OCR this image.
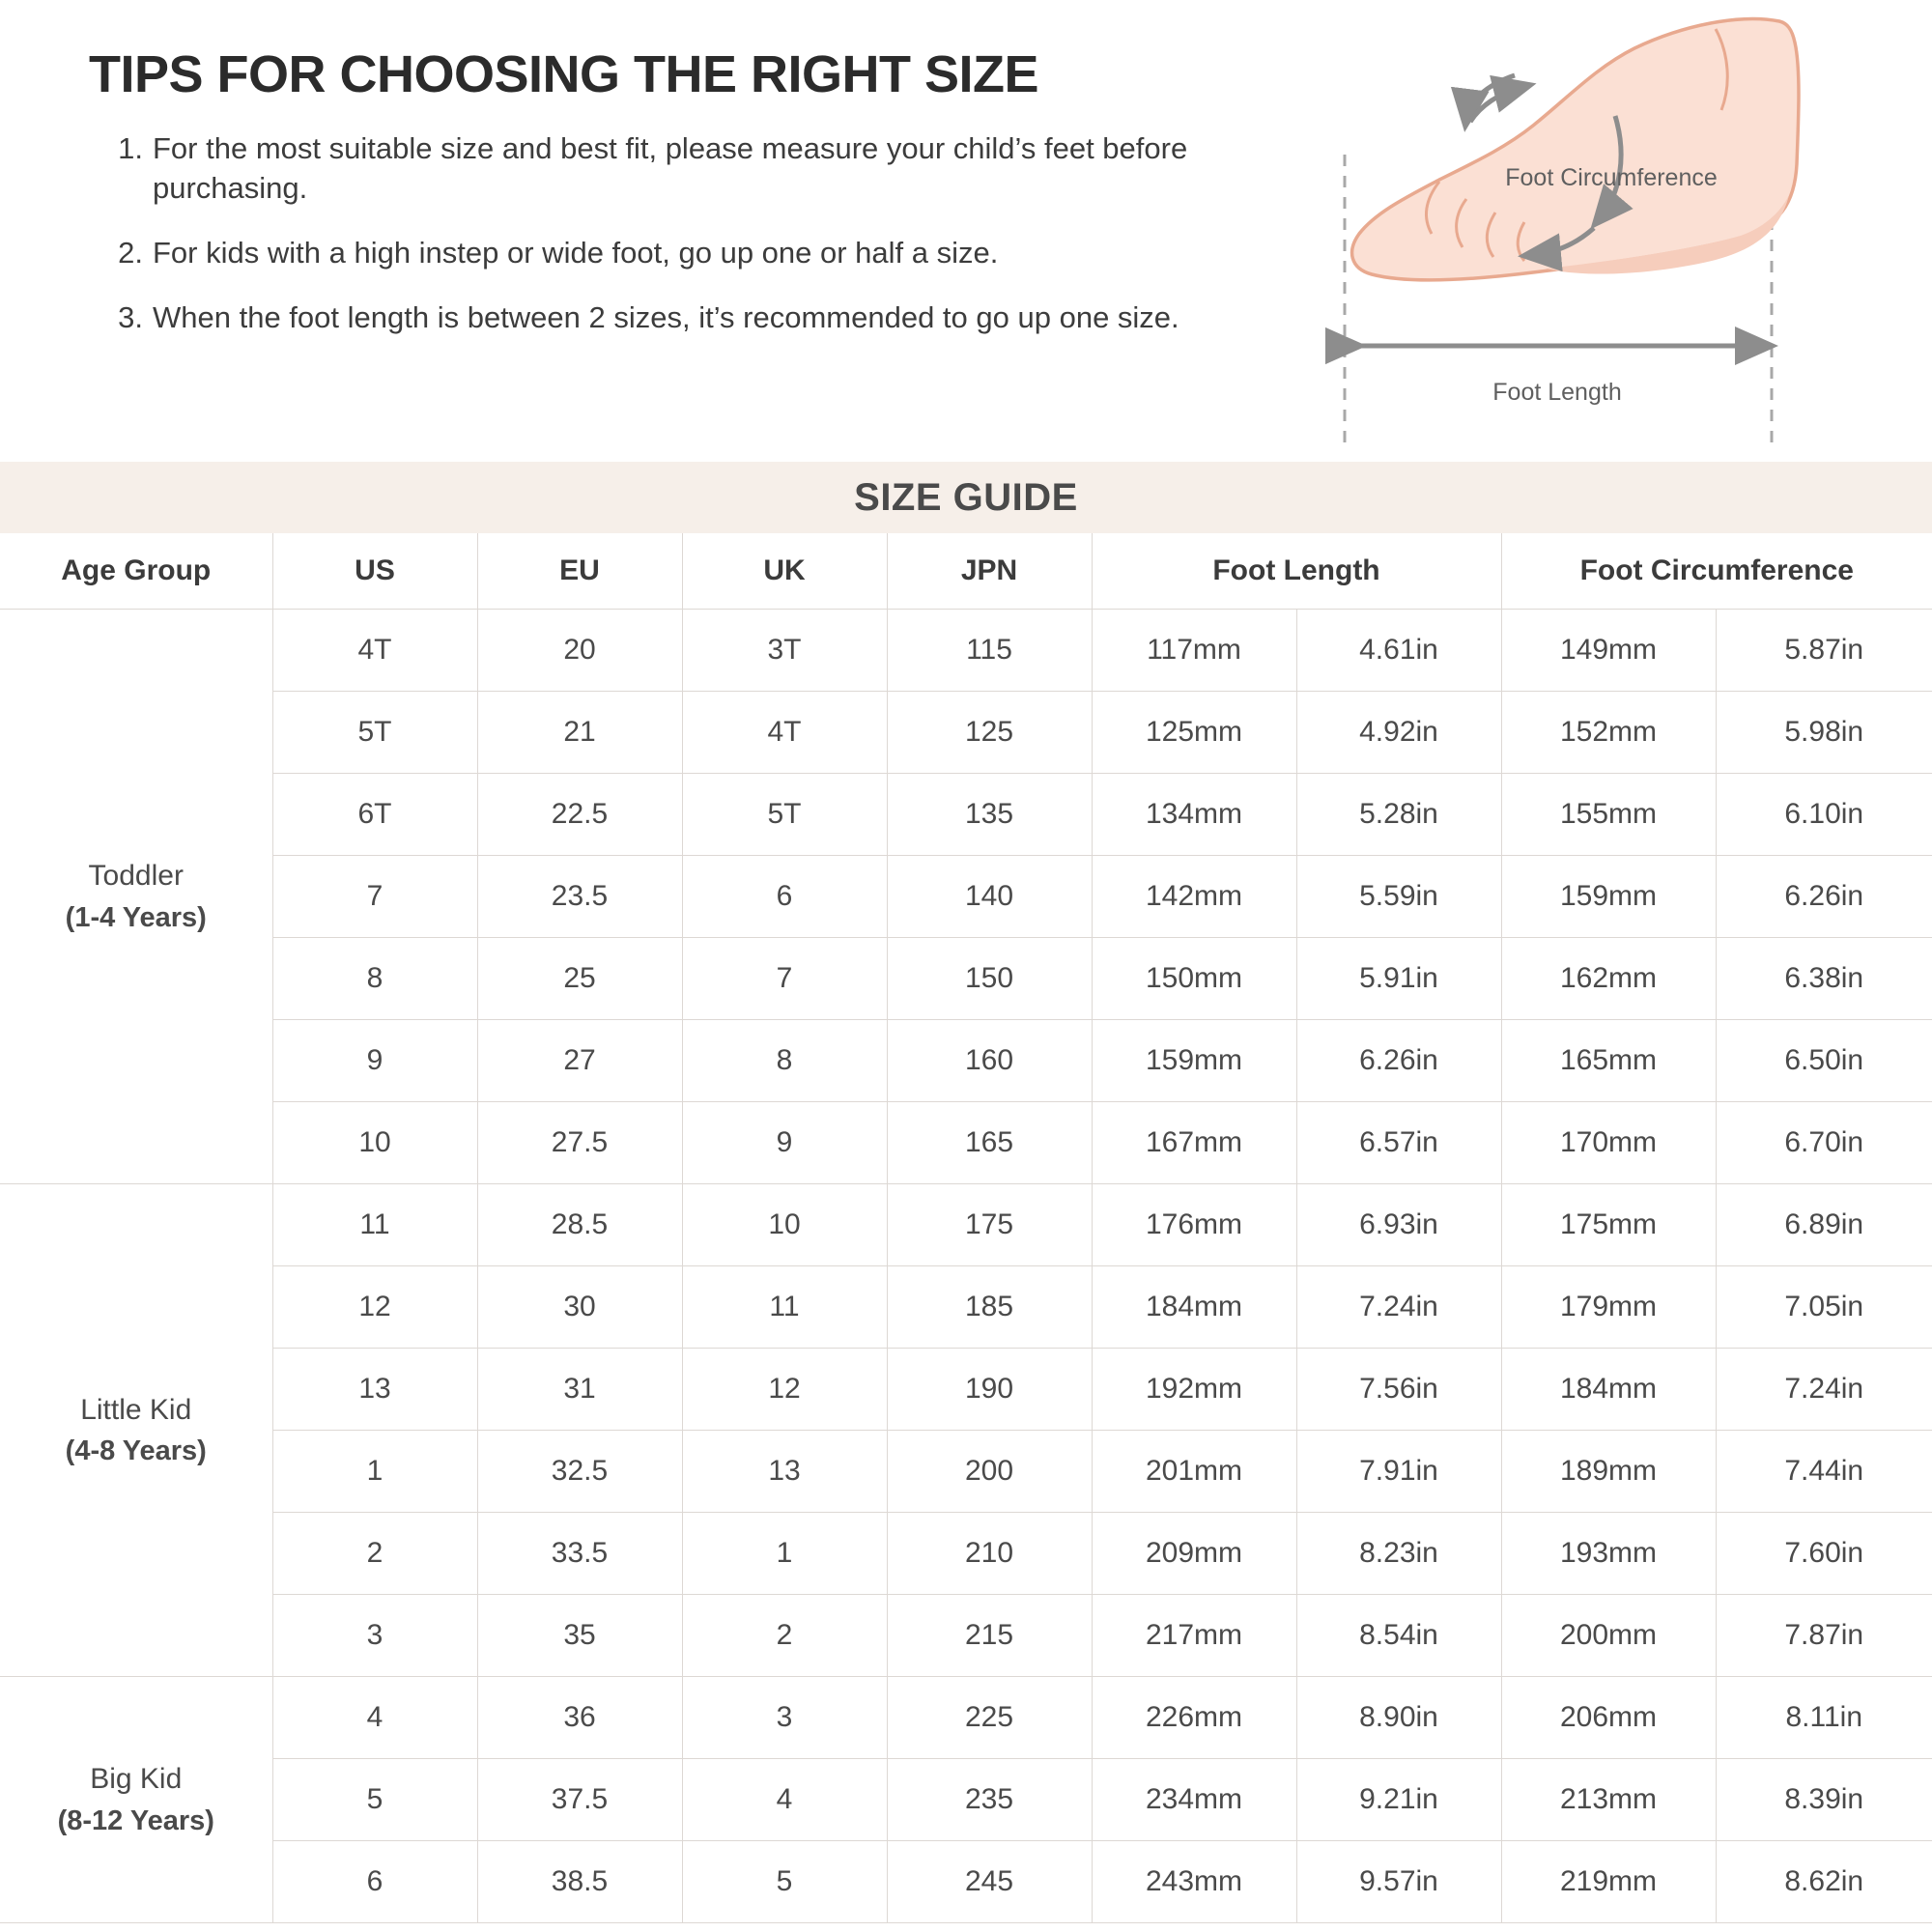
TIPS FOR CHOOSING THE RIGHT SIZE
1. For the most suitable size and best fit, please measure your child’s feet before purchasing.
2. For kids with a high instep or wide foot, go up one or half a size.
3. When the foot length is between 2 sizes, it’s recommended to go up one size.
Foot Circumference
Foot Length
SIZE GUIDE
Age Group	US	EU	UK	JPN	Foot Length		Foot Circumference	
Toddler
(1-4 Years)	4T	20	3T	115	117mm	4.61in	149mm	5.87in
	5T	21	4T	125	125mm	4.92in	152mm	5.98in
	6T	22.5	5T	135	134mm	5.28in	155mm	6.10in
	7	23.5	6	140	142mm	5.59in	159mm	6.26in
	8	25	7	150	150mm	5.91in	162mm	6.38in
	9	27	8	160	159mm	6.26in	165mm	6.50in
	10	27.5	9	165	167mm	6.57in	170mm	6.70in
Little Kid
(4-8 Years)	11	28.5	10	175	176mm	6.93in	175mm	6.89in
	12	30	11	185	184mm	7.24in	179mm	7.05in
	13	31	12	190	192mm	7.56in	184mm	7.24in
	1	32.5	13	200	201mm	7.91in	189mm	7.44in
	2	33.5	1	210	209mm	8.23in	193mm	7.60in
	3	35	2	215	217mm	8.54in	200mm	7.87in
Big Kid
(8-12 Years)	4	36	3	225	226mm	8.90in	206mm	8.11in
	5	37.5	4	235	234mm	9.21in	213mm	8.39in
	6	38.5	5	245	243mm	9.57in	219mm	8.62in
